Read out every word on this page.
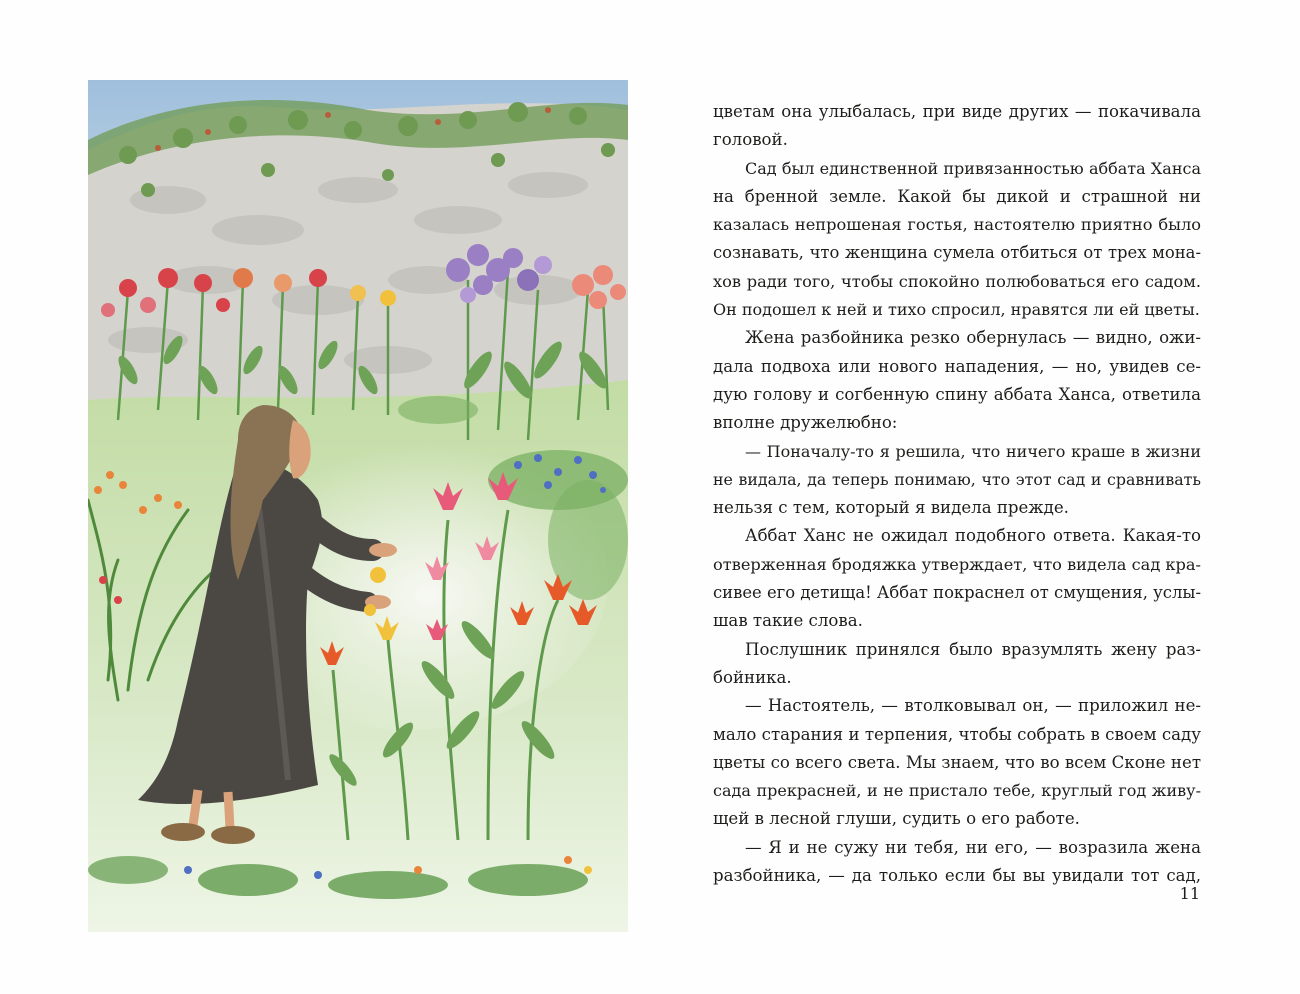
цветам она улыбалась, при виде других — покачивала
головой.
Сад был единственной привязанностью аббата Ханса
на бренной земле. Какой бы дикой и страшной ни
казалась непрошеная гостья, настоятелю приятно было
сознавать, что женщина сумела отбиться от трех мона-
хов ради того, чтобы спокойно полюбоваться его садом.
Он подошел к ней и тихо спросил, нравятся ли ей цветы.
Жена разбойника резко обернулась — видно, ожи-
дала подвоха или нового нападения, — но, увидев се-
дую голову и согбенную спину аббата Ханса, ответила
вполне дружелюбно:
— Поначалу-то я решила, что ничего краше в жизни
не видала, да теперь понимаю, что этот сад и сравнивать
нельзя с тем, который я видела прежде.
Аббат Ханс не ожидал подобного ответа. Какая-то
отверженная бродяжка утверждает, что видела сад кра-
сивее его детища! Аббат покраснел от смущения, услы-
шав такие слова.
Послушник принялся было вразумлять жену раз-
бойника.
— Настоятель, — втолковывал он, — приложил не-
мало старания и терпения, чтобы собрать в своем саду
цветы со всего света. Мы знаем, что во всем Сконе нет
сада прекрасней, и не пристало тебе, круглый год живу-
щей в лесной глуши, судить о его работе.
— Я и не сужу ни тебя, ни его, — возразила жена
разбойника, — да только если бы вы увидали тот сад,
11
